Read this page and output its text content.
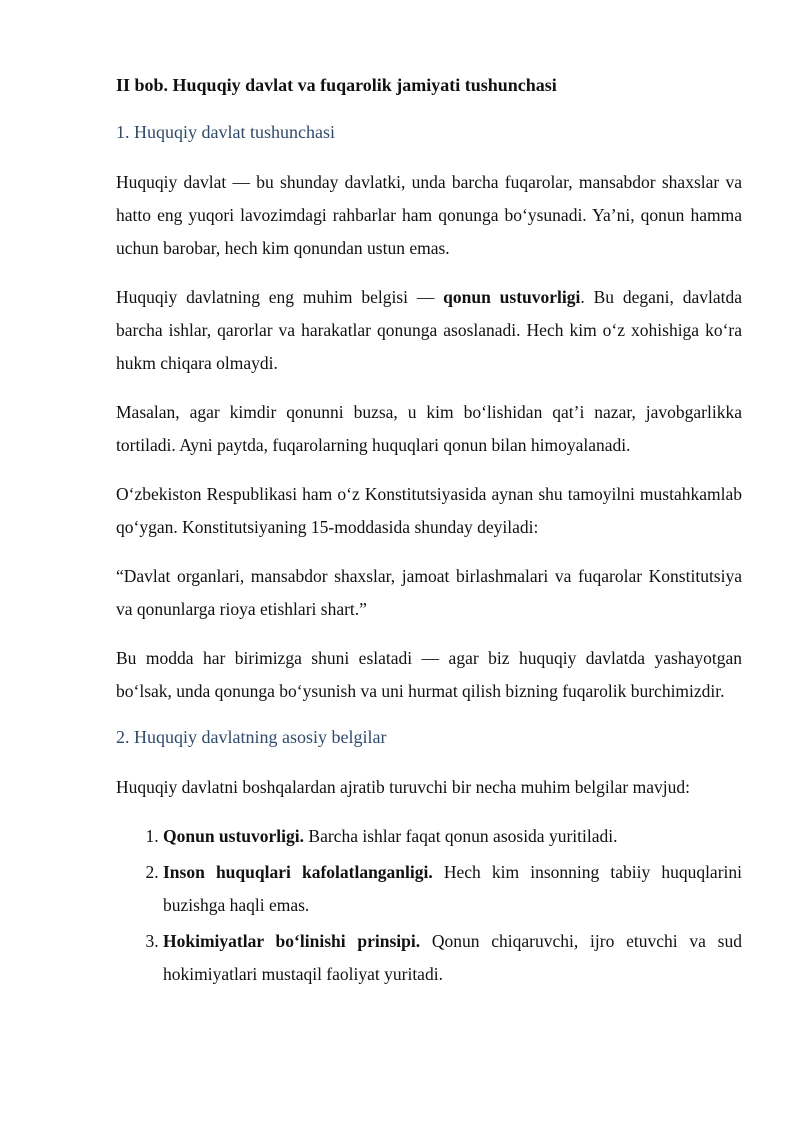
II bob. Huquqiy davlat va fuqarolik jamiyati tushunchasi
1. Huquqiy davlat tushunchasi

Huquqiy davlat — bu shunday davlatki, unda barcha fuqarolar, mansabdor shaxslar va hatto eng yuqori lavozimdagi rahbarlar ham qonunga bo‘ysunadi. Ya’ni, qonun hamma uchun barobar, hech kim qonundan ustun emas.

Huquqiy davlatning eng muhim belgisi — qonun ustuvorligi. Bu degani, davlatda barcha ishlar, qarorlar va harakatlar qonunga asoslanadi. Hech kim o‘z xohishiga ko‘ra hukm chiqara olmaydi.

Masalan, agar kimdir qonunni buzsa, u kim bo‘lishidan qat’i nazar, javobgarlikka tortiladi. Ayni paytda, fuqarolarning huquqlari qonun bilan himoyalanadi.

O‘zbekiston Respublikasi ham o‘z Konstitutsiyasida aynan shu tamoyilni mustahkamlab qo‘ygan. Konstitutsiyaning 15-moddasida shunday deyiladi:

“Davlat organlari, mansabdor shaxslar, jamoat birlashmalari va fuqarolar Konstitutsiya va qonunlarga rioya etishlari shart.”

Bu modda har birimizga shuni eslatadi — agar biz huquqiy davlatda yashayotgan bo‘lsak, unda qonunga bo‘ysunish va uni hurmat qilish bizning fuqarolik burchimizdir.

2. Huquqiy davlatning asosiy belgilar

Huquqiy davlatni boshqalardan ajratib turuvchi bir necha muhim belgilar mavjud:

1. Qonun ustuvorligi. Barcha ishlar faqat qonun asosida yuritiladi.
2. Inson huquqlari kafolatlanganligi. Hech kim insonning tabiiy huquqlarini buzishga haqli emas.
3. Hokimiyatlar bo‘linishi prinsipi. Qonun chiqaruvchi, ijro etuvchi va sud hokimiyatlari mustaqil faoliyat yuritadi.
